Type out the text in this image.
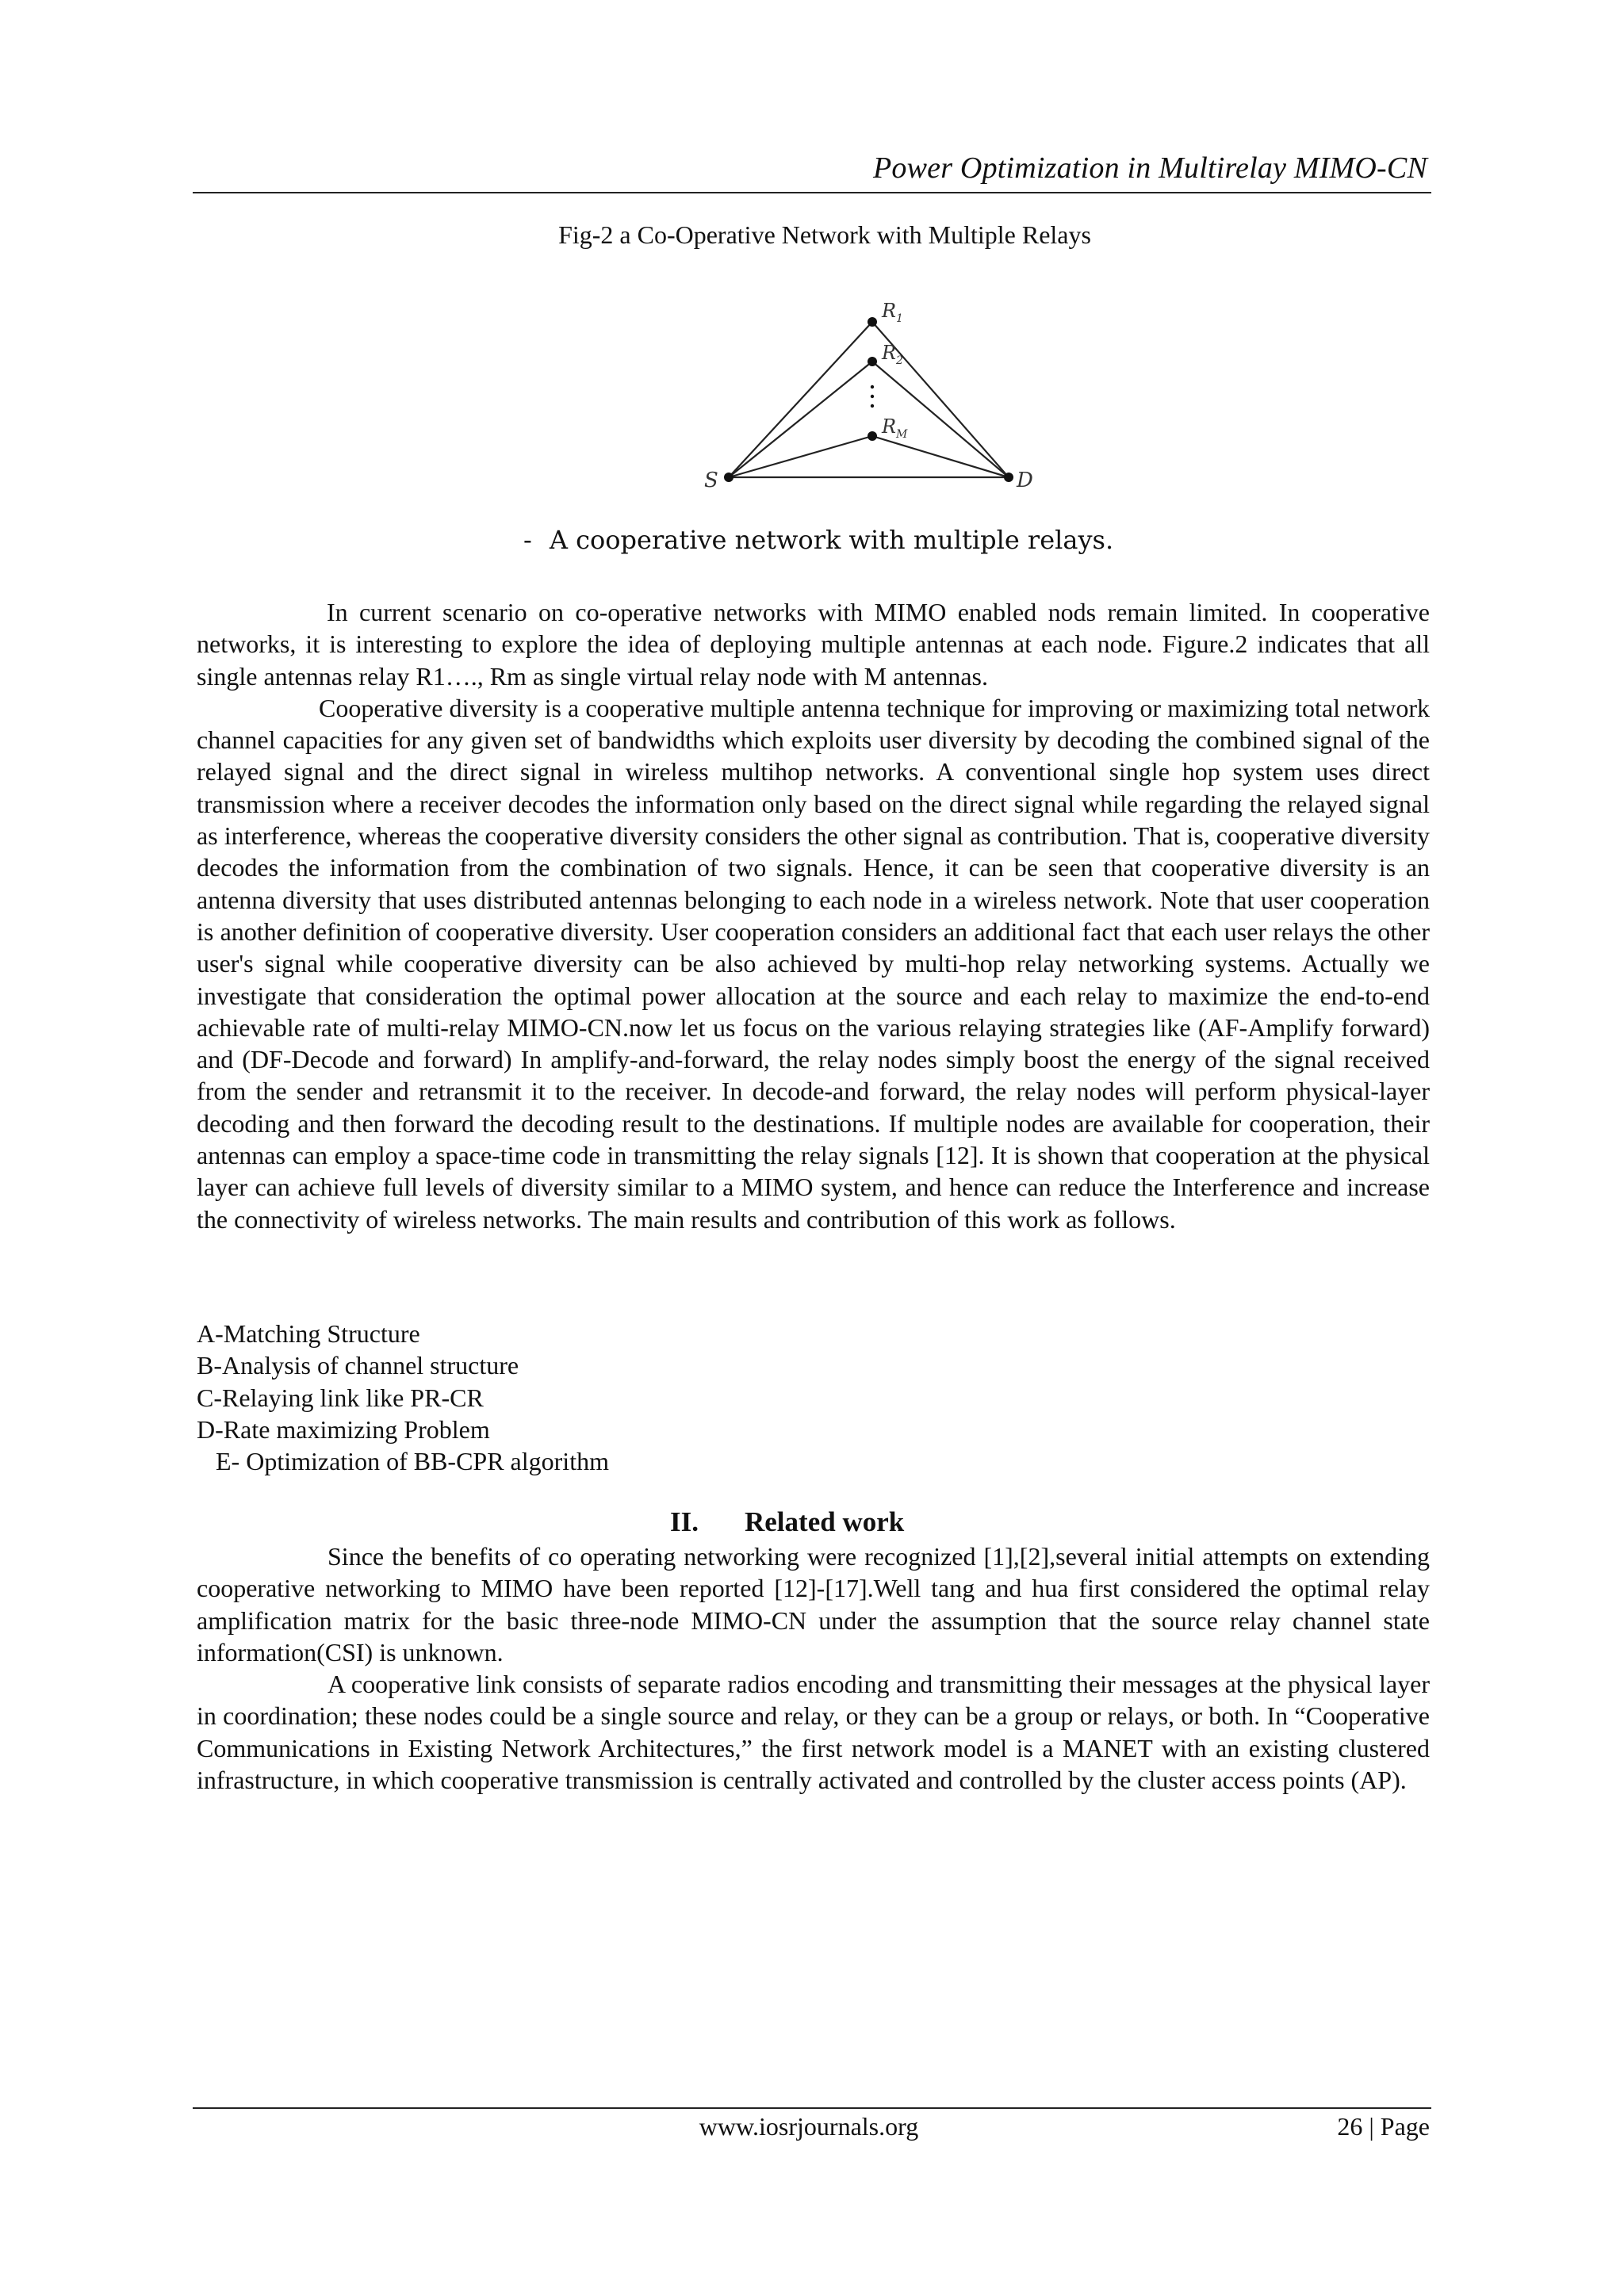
Power Optimization in Multirelay MIMO-CN
Fig-2 a Co-Operative Network with Multiple Relays
S	D
R 1
R 2
R M
- A cooperative network with multiple relays.

In current scenario on co-operative networks with MIMO enabled nods remain limited. In cooperative networks, it is interesting to explore the idea of deploying multiple antennas at each node. Figure.2 indicates that all single antennas relay R1…., Rm as single virtual relay node with M antennas.

Cooperative diversity is a cooperative multiple antenna technique for improving or maximizing total network channel capacities for any given set of bandwidths which exploits user diversity by decoding the combined signal of the relayed signal and the direct signal in wireless multihop networks. A conventional single hop system uses direct transmission where a receiver decodes the information only based on the direct signal while regarding the relayed signal as interference, whereas the cooperative diversity considers the other signal as contribution. That is, cooperative diversity decodes the information from the combination of two signals. Hence, it can be seen that cooperative diversity is an antenna diversity that uses distributed antennas belonging to each node in a wireless network. Note that user cooperation is another definition of cooperative diversity. User cooperation considers an additional fact that each user relays the other user's signal while cooperative diversity can be also achieved by multi-hop relay networking systems. Actually we investigate that consideration the optimal power allocation at the source and each relay to maximize the end-to-end achievable rate of multi-relay MIMO-CN.now let us focus on the various relaying strategies like (AF-Amplify forward) and (DF-Decode and forward) In amplify-and-forward, the relay nodes simply boost the energy of the signal received from the sender and retransmit it to the receiver. In decode-and forward, the relay nodes will perform physical-layer decoding and then forward the decoding result to the destinations. If multiple nodes are available for cooperation, their antennas can employ a space-time code in transmitting the relay signals [12]. It is shown that cooperation at the physical layer can achieve full levels of diversity similar to a MIMO system, and hence can reduce the Interference and increase the connectivity of wireless networks. The main results and contribution of this work as follows.

A-Matching Structure
B-Analysis of channel structure
C-Relaying link like PR-CR
D-Rate maximizing Problem
E- Optimization of BB-CPR algorithm
II. Related work

Since the benefits of co operating networking were recognized [1],[2],several initial attempts on extending cooperative networking to MIMO have been reported [12]-[17].Well tang and hua first considered the optimal relay amplification matrix for the basic three-node MIMO-CN under the assumption that the source relay channel state information(CSI) is unknown.

A cooperative link consists of separate radios encoding and transmitting their messages at the physical layer in coordination; these nodes could be a single source and relay, or they can be a group or relays, or both. In “Cooperative Communications in Existing Network Architectures,” the first network model is a MANET with an existing clustered infrastructure, in which cooperative transmission is centrally activated and controlled by the cluster access points (AP).

www.iosrjournals.org	26 | Page
